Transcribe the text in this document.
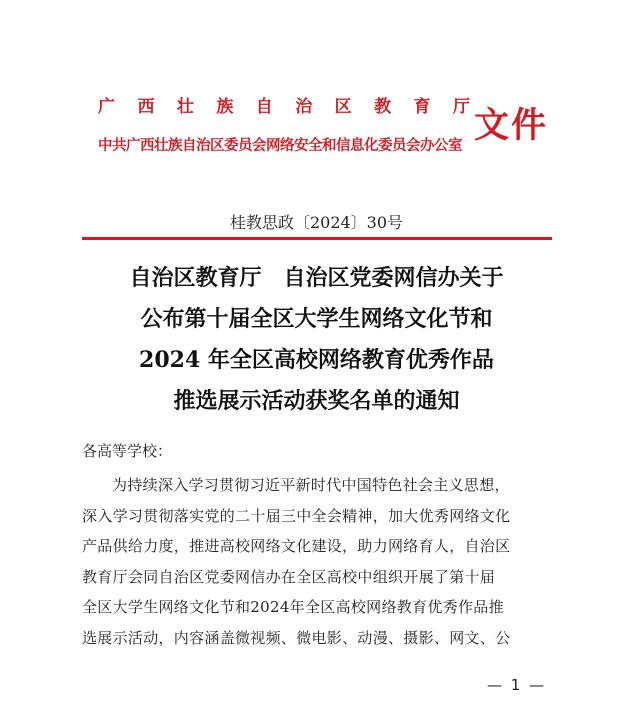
广 西 壮 族 自 治 区 教 育 厅
中共广西壮族自治区委员会网络安全和信息化委员会办公室 文件
桂教思政〔2024〕30号
自治区教育厅　自治区党委网信办关于
公布第十届全区大学生网络文化节和
2024 年全区高校网络教育优秀作品
推选展示活动获奖名单的通知
各高等学校：
为持续深入学习贯彻习近平新时代中国特色社会主义思想，
深入学习贯彻落实党的二十届三中全会精神，加大优秀网络文化
产品供给力度，推进高校网络文化建设，助力网络育人，自治区
教育厅会同自治区党委网信办在全区高校中组织开展了第十届
全区大学生网络文化节和2024年全区高校网络教育优秀作品推
选展示活动，内容涵盖微视频、微电影、动漫、摄影、网文、公
— 1 —
